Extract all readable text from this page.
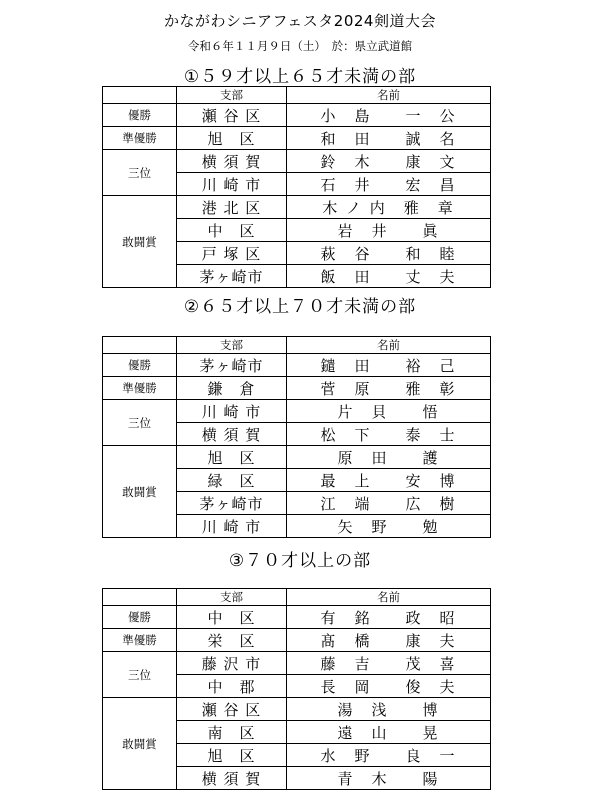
かながわシニアフェスタ2024剣道大会
令和６年１１月９日（土）　於：県立武道館
①５９才以上６５才未満の部
	支部	名前
優勝	瀬 谷 区	小　島　　一　公
準優勝	旭　区	和　田　　誠　名
三位	横 須 賀	鈴　木　　康　文
	川 崎 市	石　井　　宏　昌
敢闘賞	港 北 区	木 ノ 内　雅　章
	中　区	岩　井　　眞
	戸 塚 区	萩　谷　　和　睦
	茅ヶ崎市	飯　田　　丈　夫
②６５才以上７０才未満の部
	支部	名前
優勝	茅ヶ崎市	鑓　田　　裕　己
準優勝	鎌　倉	菅　原　　雅　彰
三位	川 崎 市	片　貝　　悟
	横 須 賀	松　下　　泰　士
敢闘賞	旭　区	原　田　　護
	緑　区	最　上　　安　博
	茅ヶ崎市	江　端　　広　樹
	川 崎 市	矢　野　　勉
③７０才以上の部
	支部	名前
優勝	中　区	有　銘　　政　昭
準優勝	栄　区	髙　橋　　康　夫
三位	藤 沢 市	藤　吉　　茂　喜
	中　郡	長　岡　　俊　夫
敢闘賞	瀬 谷 区	湯　浅　　博
	南　区	遠　山　　晃
	旭　区	水　野　　良　一
	横 須 賀	青　木　　陽
